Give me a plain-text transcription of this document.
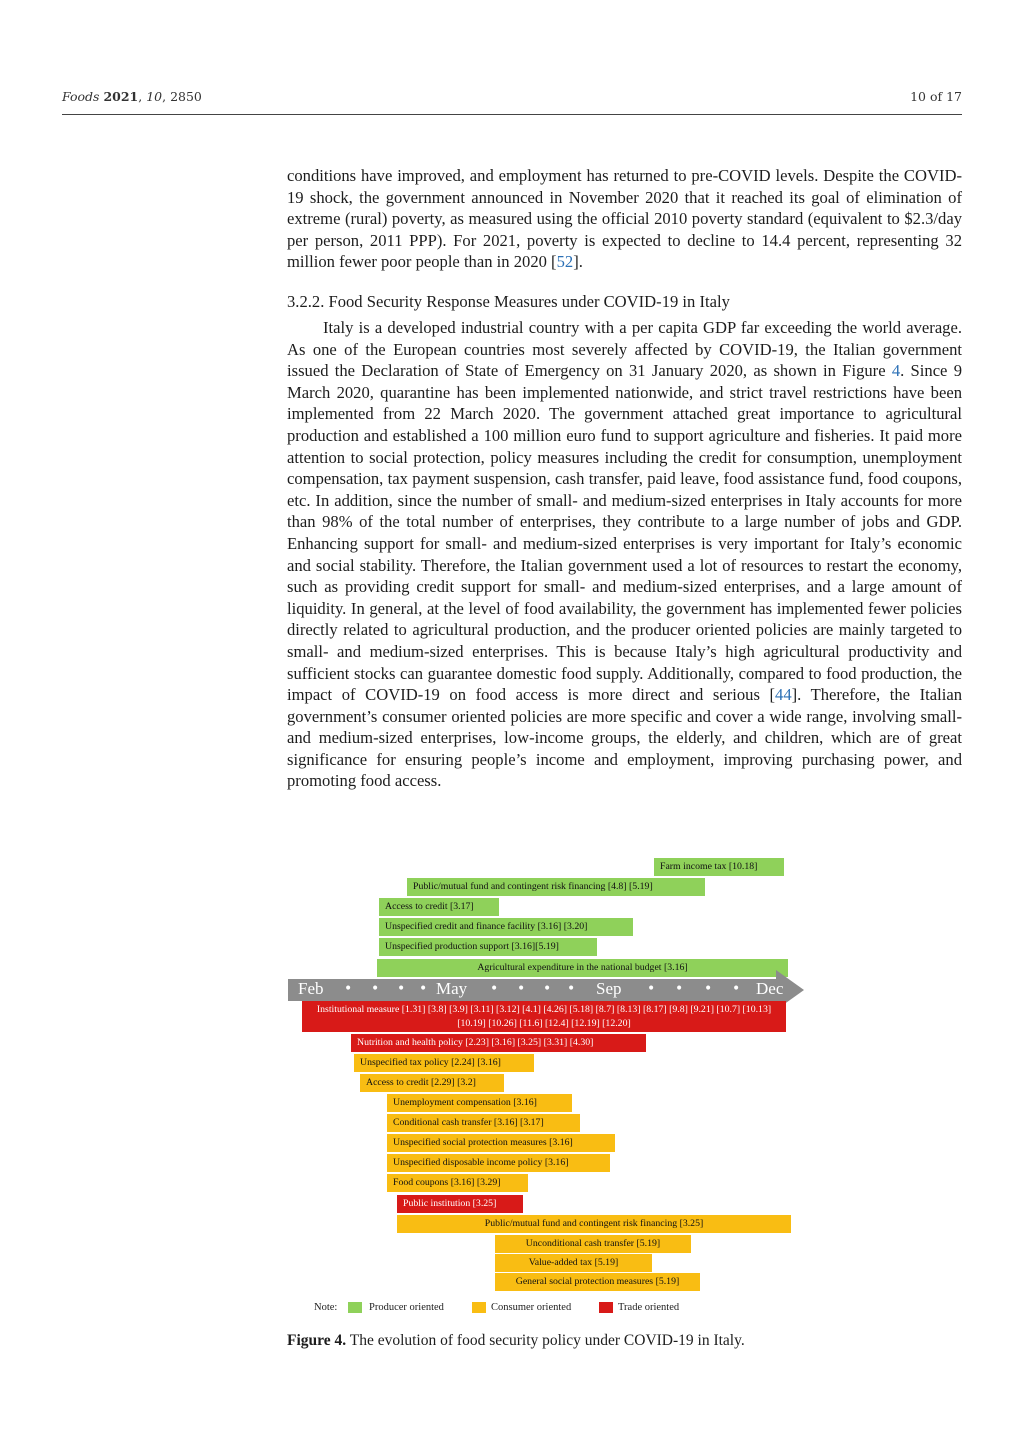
Foods 2021, 10, 2850	10 of 17

conditions have improved, and employment has returned to pre-COVID levels. Despite the COVID-19 shock, the government announced in November 2020 that it reached its goal of elimination of extreme (rural) poverty, as measured using the official 2010 poverty standard (equivalent to $2.3/day per person, 2011 PPP). For 2021, poverty is expected to decline to 14.4 percent, representing 32 million fewer poor people than in 2020 [52].

3.2.2. Food Security Response Measures under COVID-19 in Italy

Italy is a developed industrial country with a per capita GDP far exceeding the world average. As one of the European countries most severely affected by COVID-19, the Italian government issued the Declaration of State of Emergency on 31 January 2020, as shown in Figure 4. Since 9 March 2020, quarantine has been implemented nationwide, and strict travel restrictions have been implemented from 22 March 2020. The government attached great importance to agricultural production and established a 100 million euro fund to support agriculture and fisheries. It paid more attention to social protection, policy measures including the credit for consumption, unemployment compensation, tax payment suspension, cash transfer, paid leave, food assistance fund, food coupons, etc. In addition, since the number of small- and medium-sized enterprises in Italy accounts for more than 98% of the total number of enterprises, they contribute to a large number of jobs and GDP. Enhancing support for small- and medium-sized enterprises is very important for Italy’s economic and social stability. Therefore, the Italian government used a lot of resources to restart the economy, such as providing credit support for small- and medium-sized enterprises, and a large amount of liquidity. In general, at the level of food availability, the government has implemented fewer policies directly related to agricultural production, and the producer oriented policies are mainly targeted to small- and medium-sized enterprises. This is because Italy’s high agricultural productivity and sufficient stocks can guarantee domestic food supply. Additionally, compared to food production, the impact of COVID-19 on food access is more direct and serious [44]. Therefore, the Italian government’s consumer oriented policies are more specific and cover a wide range, involving small- and medium-sized enterprises, low-income groups, the elderly, and children, which are of great significance for ensuring people’s income and employment, improving purchasing power, and promoting food access.

Farm income tax [10.18]
Public/mutual fund and contingent risk financing [4.8] [5.19]
Access to credit [3.17]
Unspecified credit and finance facility [3.16] [3.20]
Unspecified production support [3.16][5.19]
Agricultural expenditure in the national budget [3.16]
Feb • • • • May • • • • Sep • • • • Dec
Institutional measure [1.31] [3.8] [3.9] [3.11] [3.12] [4.1] [4.26] [5.18] [8.7] [8.13] [8.17] [9.8] [9.21] [10.7] [10.13] [10.19] [10.26] [11.6] [12.4] [12.19] [12.20]
Nutrition and health policy [2.23] [3.16] [3.25] [3.31] [4.30]
Unspecified tax policy [2.24] [3.16]
Access to credit [2.29] [3.2]
Unemployment compensation [3.16]
Conditional cash transfer [3.16] [3.17]
Unspecified social protection measures [3.16]
Unspecified disposable income policy [3.16]
Food coupons [3.16] [3.29]
Public institution [3.25]
Public/mutual fund and contingent risk financing [3.25]
Unconditional cash transfer [5.19]
Value-added tax [5.19]
General social protection measures [5.19]
Note:	Producer oriented	Consumer oriented	Trade oriented
Figure 4. The evolution of food security policy under COVID-19 in Italy.
